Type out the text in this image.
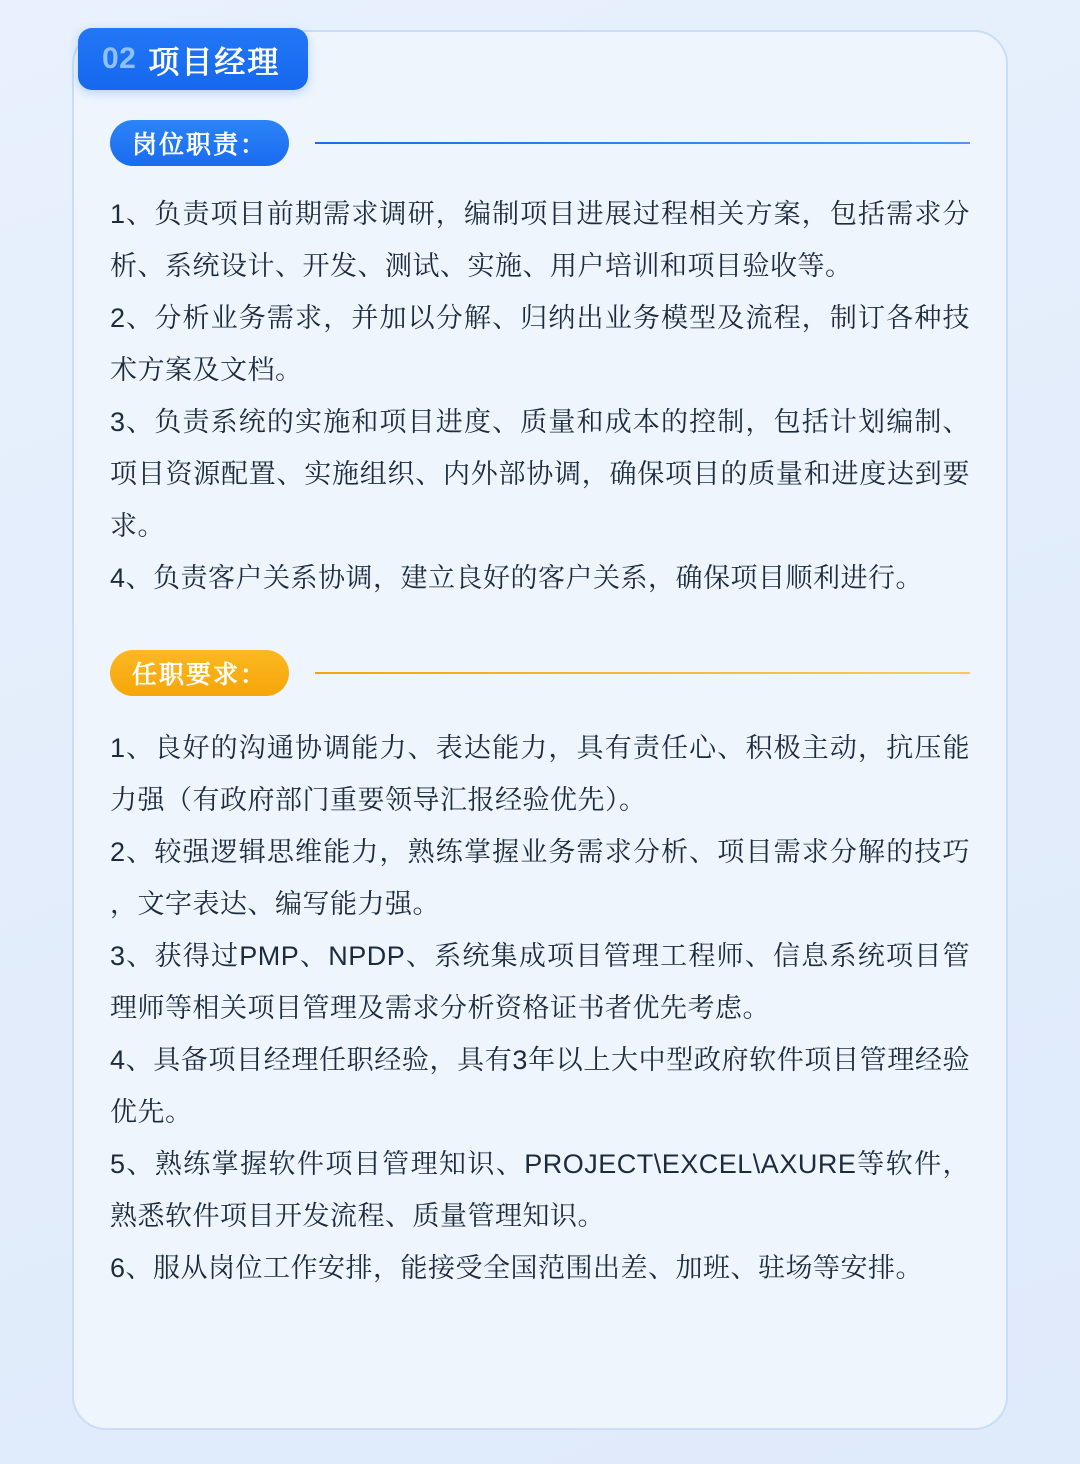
02 项目经理
岗位职责：
1、负责项目前期需求调研，编制项目进展过程相关方案，包括需求分析、系统设计、开发、测试、实施、用户培训和项目验收等。
2、分析业务需求，并加以分解、归纳出业务模型及流程，制订各种技术方案及文档。
3、负责系统的实施和项目进度、质量和成本的控制，包括计划编制、项目资源配置、实施组织、内外部协调，确保项目的质量和进度达到要求。
4、负责客户关系协调，建立良好的客户关系，确保项目顺利进行。
任职要求：
1、良好的沟通协调能力、表达能力，具有责任心、积极主动，抗压能力强（有政府部门重要领导汇报经验优先）。
2、较强逻辑思维能力，熟练掌握业务需求分析、项目需求分解的技巧 ，文字表达、编写能力强。
3、获得过PMP、NPDP、系统集成项目管理工程师、信息系统项目管理师等相关项目管理及需求分析资格证书者优先考虑。
4、具备项目经理任职经验，具有3年以上大中型政府软件项目管理经验优先。
5、熟练掌握软件项目管理知识、PROJECT\EXCEL\AXURE等软件，熟悉软件项目开发流程、质量管理知识。
6、服从岗位工作安排，能接受全国范围出差、加班、驻场等安排。
